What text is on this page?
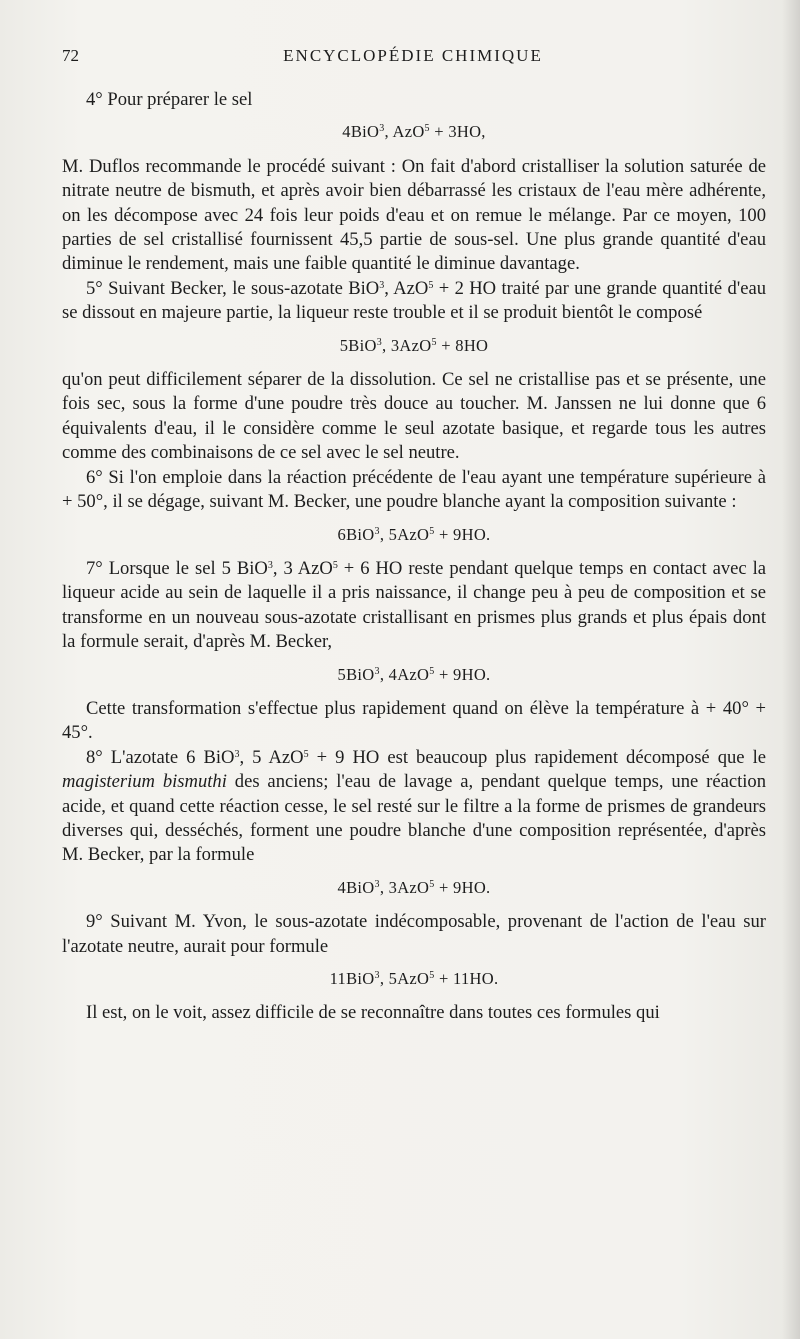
72	ENCYCLOPÉDIE CHIMIQUE

4° Pour préparer le sel

4BiO$^3$, AzO$^5$ + 3HO,

M. Duflos recommande le procédé suivant : On fait d'abord cristalliser la solution saturée de nitrate neutre de bismuth, et après avoir bien débarrassé les cristaux de l'eau mère adhérente, on les décompose avec 24 fois leur poids d'eau et on remue le mélange. Par ce moyen, 100 parties de sel cristallisé fournissent 45,5 partie de sous-sel. Une plus grande quantité d'eau diminue le rendement, mais une faible quantité le diminue davantage.

5° Suivant Becker, le sous-azotate BiO$^3$, AzO$^5$ + 2 HO traité par une grande quantité d'eau se dissout en majeure partie, la liqueur reste trouble et il se produit bientôt le composé

5BiO$^3$, 3AzO$^5$ + 8HO

qu'on peut difficilement séparer de la dissolution. Ce sel ne cristallise pas et se présente, une fois sec, sous la forme d'une poudre très douce au toucher. M. Janssen ne lui donne que 6 équivalents d'eau, il le considère comme le seul azotate basique, et regarde tous les autres comme des combinaisons de ce sel avec le sel neutre.

6° Si l'on emploie dans la réaction précédente de l'eau ayant une température supérieure à + 50°, il se dégage, suivant M. Becker, une poudre blanche ayant la composition suivante :

6BiO$^3$, 5AzO$^5$ + 9HO.

7° Lorsque le sel 5 BiO$^3$, 3 AzO$^5$ + 6 HO reste pendant quelque temps en contact avec la liqueur acide au sein de laquelle il a pris naissance, il change peu à peu de composition et se transforme en un nouveau sous-azotate cristallisant en prismes plus grands et plus épais dont la formule serait, d'après M. Becker,

5BiO$^3$, 4AzO$^5$ + 9HO.

Cette transformation s'effectue plus rapidement quand on élève la température à + 40° + 45°.

8° L'azotate 6 BiO$^3$, 5 AzO$^5$ + 9 HO est beaucoup plus rapidement décomposé que le magisterium bismuthi des anciens; l'eau de lavage a, pendant quelque temps, une réaction acide, et quand cette réaction cesse, le sel resté sur le filtre a la forme de prismes de grandeurs diverses qui, desséchés, forment une poudre blanche d'une composition représentée, d'après M. Becker, par la formule

4BiO$^3$, 3AzO$^5$ + 9HO.

9° Suivant M. Yvon, le sous-azotate indécomposable, provenant de l'action de l'eau sur l'azotate neutre, aurait pour formule

11BiO$^3$, 5AzO$^5$ + 11HO.

Il est, on le voit, assez difficile de se reconnaître dans toutes ces formules qui
